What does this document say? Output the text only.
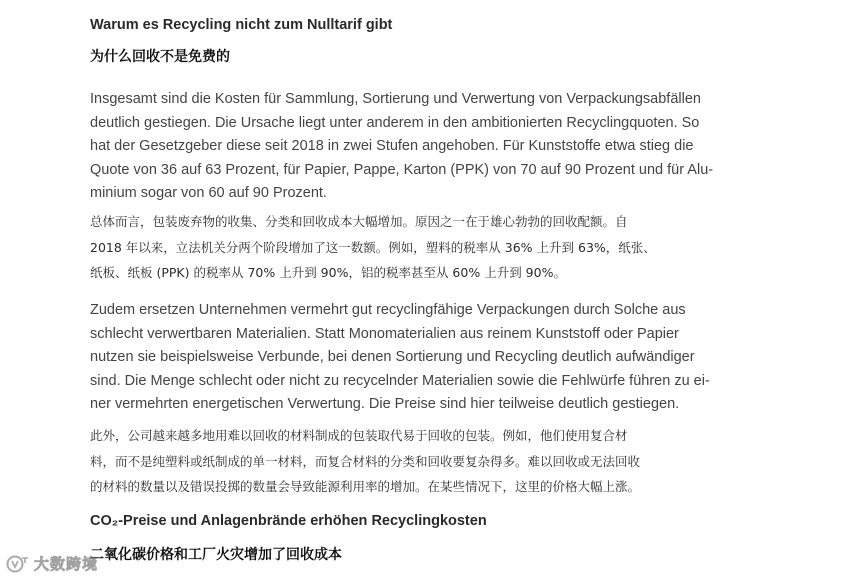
Warum es Recycling nicht zum Nulltarif gibt
为什么回收不是免费的

Insgesamt sind die Kosten für Sammlung, Sortierung und Verwertung von Verpackungsabfällen
deutlich gestiegen. Die Ursache liegt unter anderem in den ambitionierten Recyclingquoten. So
hat der Gesetzgeber diese seit 2018 in zwei Stufen angehoben. Für Kunststoffe etwa stieg die
Quote von 36 auf 63 Prozent, für Papier, Pappe, Karton (PPK) von 70 auf 90 Prozent und für Alu-
minium sogar von 60 auf 90 Prozent.

总体而言，包装废弃物的收集、分类和回收成本大幅增加。原因之一在于雄心勃勃的回收配额。自
2018 年以来，立法机关分两个阶段增加了这一数额。例如，塑料的税率从 36% 上升到 63%，纸张、
纸板、纸板 (PPK) 的税率从 70% 上升到 90%，铝的税率甚至从 60% 上升到 90%。

Zudem ersetzen Unternehmen vermehrt gut recyclingfähige Verpackungen durch Solche aus
schlecht verwertbaren Materialien. Statt Monomaterialien aus reinem Kunststoff oder Papier
nutzen sie beispielsweise Verbunde, bei denen Sortierung und Recycling deutlich aufwändiger
sind. Die Menge schlecht oder nicht zu recycelnder Materialien sowie die Fehlwürfe führen zu ei-
ner vermehrten energetischen Verwertung. Die Preise sind hier teilweise deutlich gestiegen.

此外，公司越来越多地用难以回收的材料制成的包装取代易于回收的包装。例如，他们使用复合材
料，而不是纯塑料或纸制成的单一材料，而复合材料的分类和回收要复杂得多。难以回收或无法回收
的材料的数量以及错误投掷的数量会导致能源利用率的增加。在某些情况下，这里的价格大幅上涨。

CO₂-Preise und Anlagenbrände erhöhen Recyclingkosten
二氧化碳价格和工厂火灾增加了回收成本
大数跨境
